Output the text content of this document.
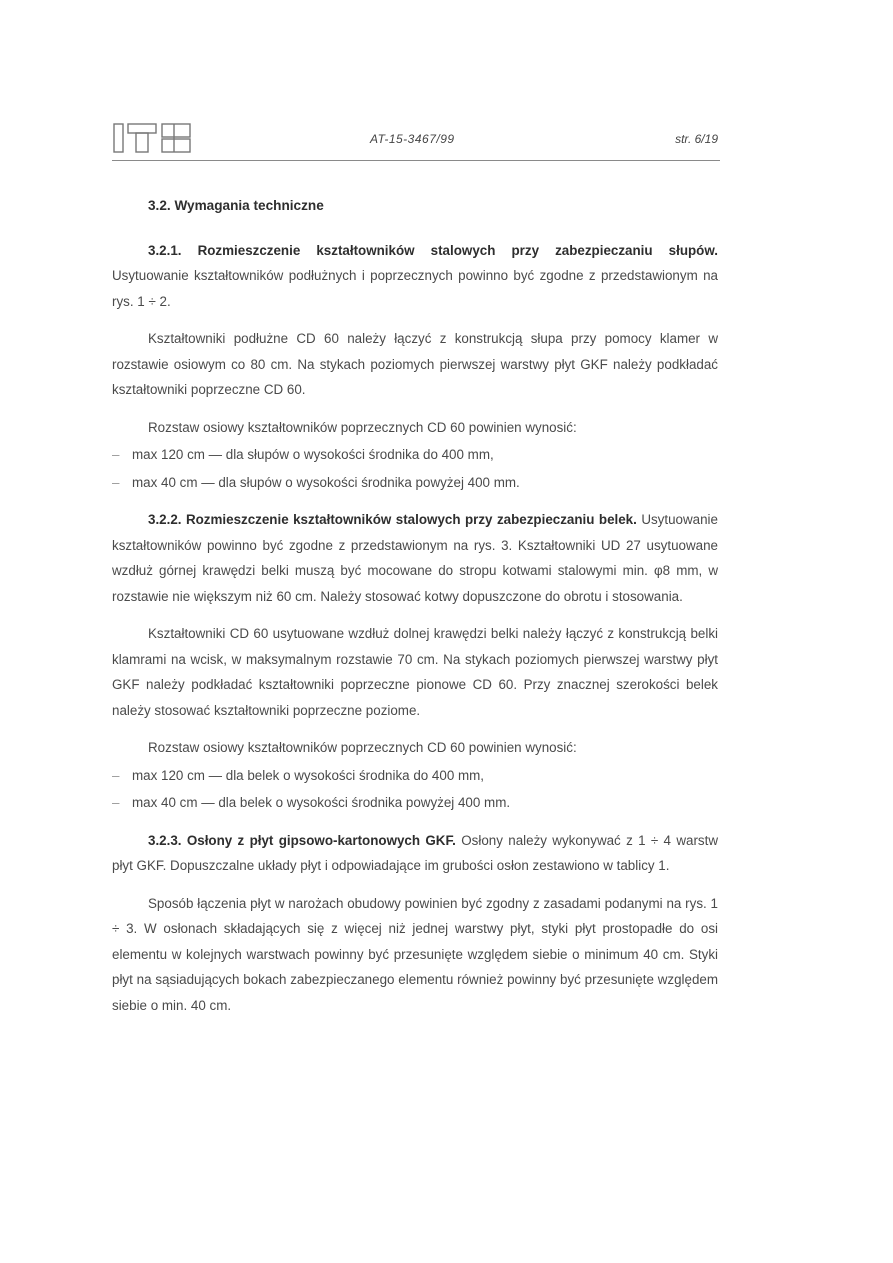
AT-15-3467/99	str. 6/19
3.2. Wymagania techniczne

3.2.1. Rozmieszczenie kształtowników stalowych przy zabezpieczaniu słupów. Usytuowanie kształtowników podłużnych i poprzecznych powinno być zgodne z przedstawionym na rys. 1 ÷ 2.

Kształtowniki podłużne CD 60 należy łączyć z konstrukcją słupa przy pomocy klamer w rozstawie osiowym co 80 cm. Na stykach poziomych pierwszej warstwy płyt GKF należy podkładać kształtowniki poprzeczne CD 60.

Rozstaw osiowy kształtowników poprzecznych CD 60 powinien wynosić:

– max 120 cm — dla słupów o wysokości środnika do 400 mm,
– max 40 cm — dla słupów o wysokości środnika powyżej 400 mm.

3.2.2. Rozmieszczenie kształtowników stalowych przy zabezpieczaniu belek. Usytuowanie kształtowników powinno być zgodne z przedstawionym na rys. 3. Kształtowniki UD 27 usytuowane wzdłuż górnej krawędzi belki muszą być mocowane do stropu kotwami stalowymi min. φ8 mm, w rozstawie nie większym niż 60 cm. Należy stosować kotwy dopuszczone do obrotu i stosowania.

Kształtowniki CD 60 usytuowane wzdłuż dolnej krawędzi belki należy łączyć z konstrukcją belki klamrami na wcisk, w maksymalnym rozstawie 70 cm. Na stykach poziomych pierwszej warstwy płyt GKF należy podkładać kształtowniki poprzeczne pionowe CD 60. Przy znacznej szerokości belek należy stosować kształtowniki poprzeczne poziome.

Rozstaw osiowy kształtowników poprzecznych CD 60 powinien wynosić:

– max 120 cm — dla belek o wysokości środnika do 400 mm,
– max 40 cm — dla belek o wysokości środnika powyżej 400 mm.

3.2.3. Osłony z płyt gipsowo-kartonowych GKF. Osłony należy wykonywać z 1 ÷ 4 warstw płyt GKF. Dopuszczalne układy płyt i odpowiadające im grubości osłon zestawiono w tablicy 1.

Sposób łączenia płyt w narożach obudowy powinien być zgodny z zasadami podanymi na rys. 1 ÷ 3. W osłonach składających się z więcej niż jednej warstwy płyt, styki płyt prostopadłe do osi elementu w kolejnych warstwach powinny być przesunięte względem siebie o minimum 40 cm. Styki płyt na sąsiadujących bokach zabezpieczanego elementu również powinny być przesunięte względem siebie o min. 40 cm.
